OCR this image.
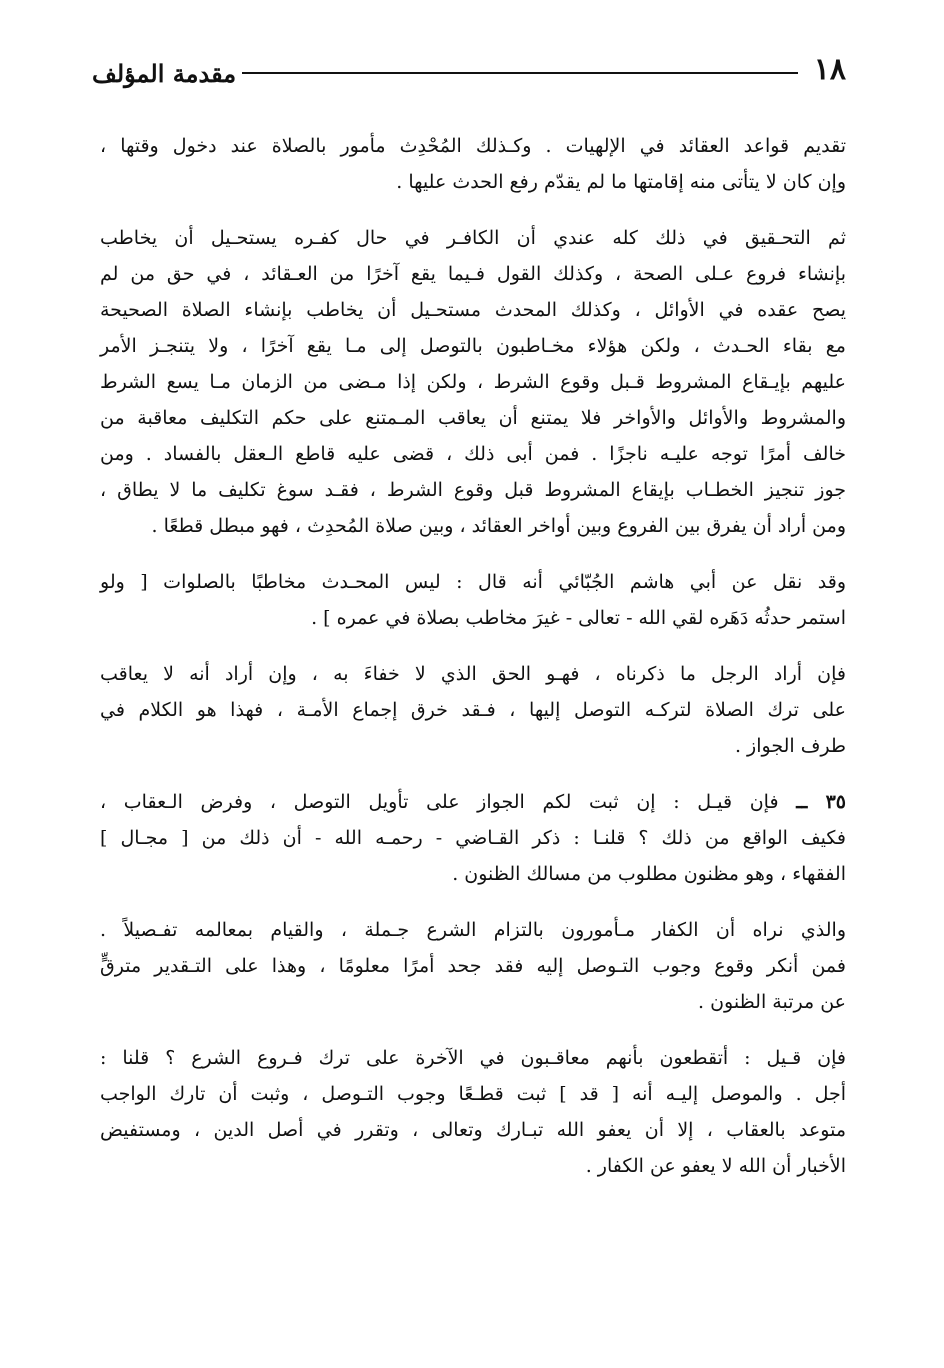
١٨
مقدمة المؤلف

تقديم قواعد العقائد في الإلهيات . وكـذلك المُحْدِث مأمور بالصلاة عند دخول وقتها ،
وإن كان لا يتأتى منه إقامتها ما لم يقدّم رفع الحدث عليها .

ثم التحـقيق في ذلك كله عندي أن الكافـر في حال كفـره يستحـيل أن يخاطب
بإنشاء فروع عـلى الصحة ، وكذلك القول فـيما يقع آخرًا من العـقائد ، في حق من لم
يصح عقده في الأوائل ، وكذلك المحدث مستحـيل أن يخاطب بإنشاء الصلاة الصحيحة
مع بقاء الحـدث ، ولكن هؤلاء مخـاطبون بالتوصل إلى مـا يقع آخرًا ، ولا يتنجـز الأمر
عليهم بإيـقاع المشروط قـبل وقوع الشرط ، ولكن إذا مـضى من الزمان مـا يسع الشرط
والمشروط والأوائل والأواخر فلا يمتنع أن يعاقب المـمتنع على حكم التكليف معاقبة من
خالف أمرًا توجه عليـه ناجزًا . فمن أبى ذلك ، قضى عليه قاطع الـعقل بالفساد . ومن
جوز تنجيز الخطـاب بإيقاع المشروط قبل وقوع الشرط ، فقـد سوغ تكليف ما لا يطاق ،
ومن أراد أن يفرق بين الفروع وبين أواخر العقائد ، وبين صلاة المُحدِث ، فهو مبطل قطعًا .

وقد نقل عن أبي هاشم الجُبّائي أنه قال : ليس المحـدث مخاطبًا بالصلوات [ ولو
استمر حدثُه دَهَره لقي الله - تعالى - غيرَ مخاطب بصلاة في عمره ] .

فإن أراد الرجل ما ذكرناه ، فهـو الحق الذي لا خفاءَ به ، وإن أراد أنه لا يعاقب
على ترك الصلاة لتركـه التوصل إليها ، فـقد خرق إجماع الأمـة ، فهذا هو الكلام في
طرف الجواز .

٣٥ ــ فإن قيـل : إن ثبت لكم الجواز على تأويل التوصل ، وفرض الـعقاب ،
فكيف الواقع من ذلك ؟ قلنـا : ذكر القـاضي - رحمـه الله - أن ذلك من [ مجـال ]
الفقهاء ، وهو مظنون مطلوب من مسالك الظنون .

والذي نراه أن الكفار مـأمورون بالتزام الشرع جـملة ، والقيام بمعالمه تفـصيلاً .
فمن أنكر وقوع وجوب التـوصل إليه فقد جحد أمرًا معلومًا ، وهذا على التـقدير مترقٍّ
عن مرتبة الظنون .

فإن قـيل : أتقطعون بأنهم معاقـبون في الآخرة على ترك فـروع الشرع ؟ قلنا :
أجل . والموصل إليـه أنه [ قد ] ثبت قطـعًا وجوب التـوصل ، وثبت أن تارك الواجب
متوعد بالعقاب ، إلا أن يعفو الله تبـارك وتعالى ، وتقرر في أصل الدين ، ومستفيض
الأخبار أن الله لا يعفو عن الكفار .
